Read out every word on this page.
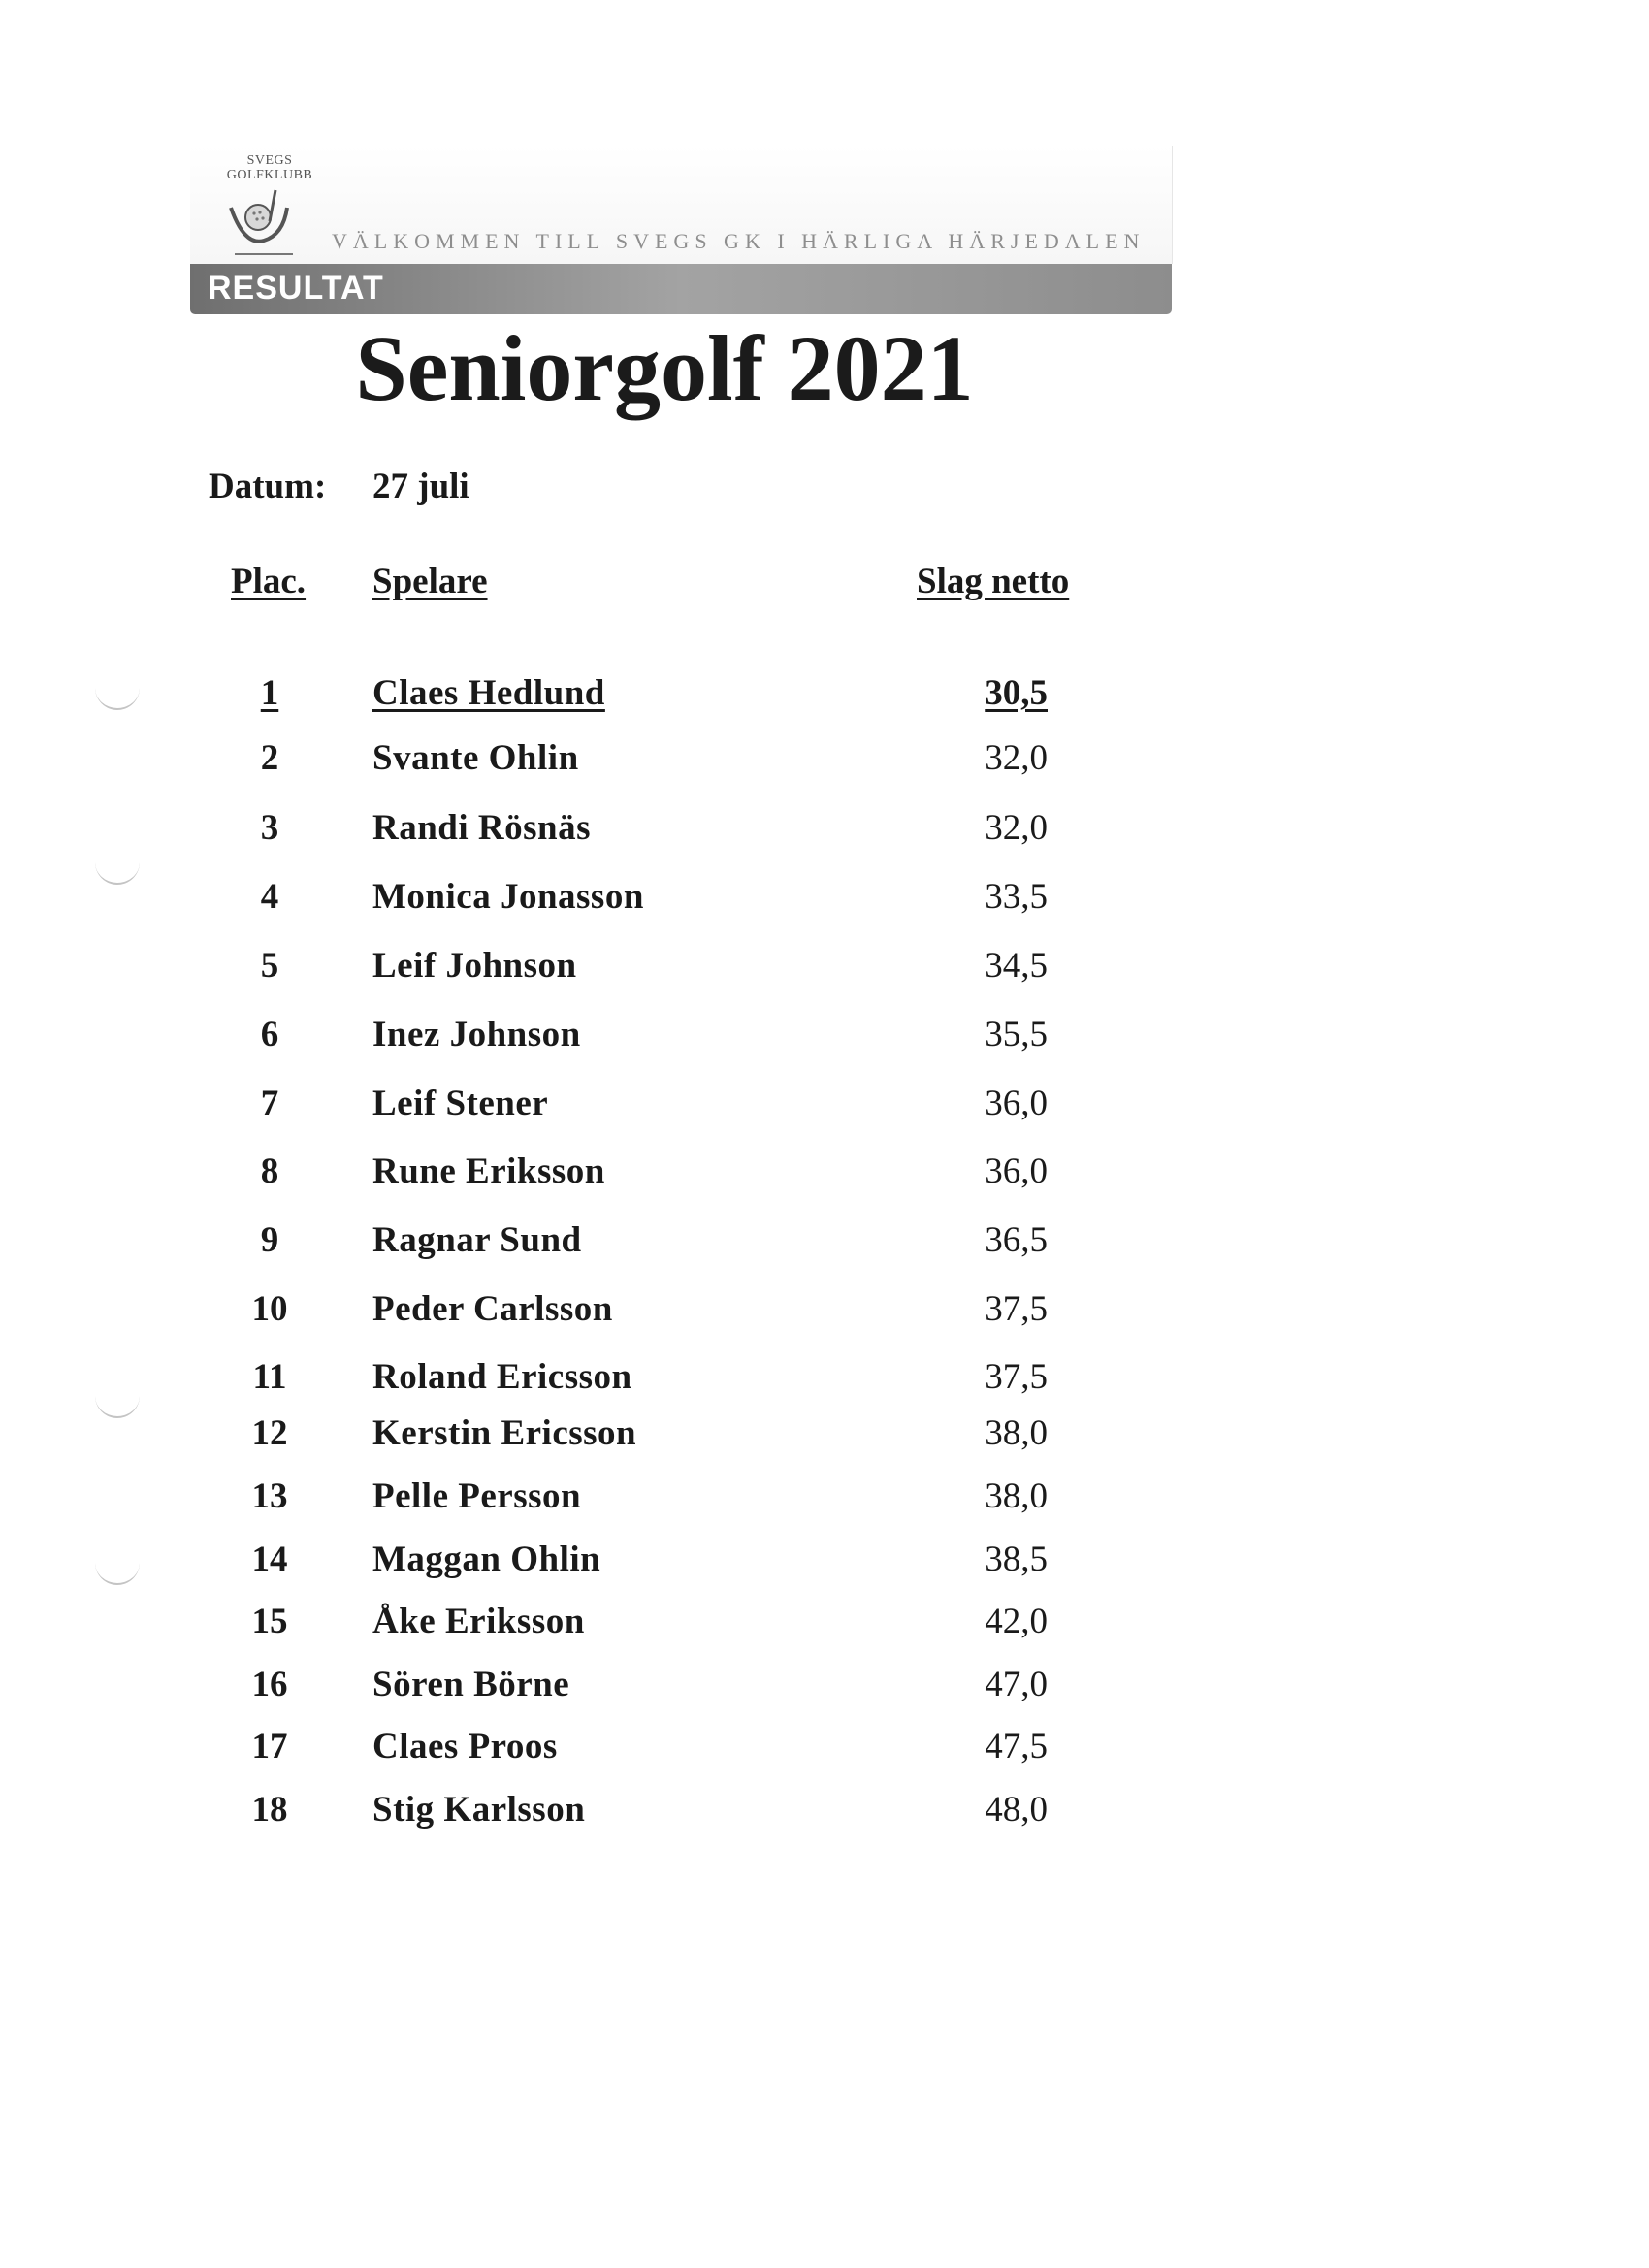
SVEGS
GOLFKLUBB
VÄLKOMMEN TILL SVEGS GK I HÄRLIGA HÄRJEDALEN
RESULTAT
Seniorgolf 2021
Datum: 27 juli
Plac. Spelare	Slag netto
1	Claes Hedlund	30,5
2	Svante Ohlin	32,0
3	Randi Rösnäs	32,0
4	Monica Jonasson	33,5
5	Leif Johnson	34,5
6	Inez Johnson	35,5
7	Leif Stener	36,0
8	Rune Eriksson	36,0
9	Ragnar Sund	36,5
10	Peder Carlsson	37,5
11	Roland Ericsson	37,5
12	Kerstin Ericsson	38,0
13	Pelle Persson	38,0
14	Maggan Ohlin	38,5
15	Åke Eriksson	42,0
16	Sören Börne	47,0
17	Claes Proos	47,5
18	Stig Karlsson	48,0
